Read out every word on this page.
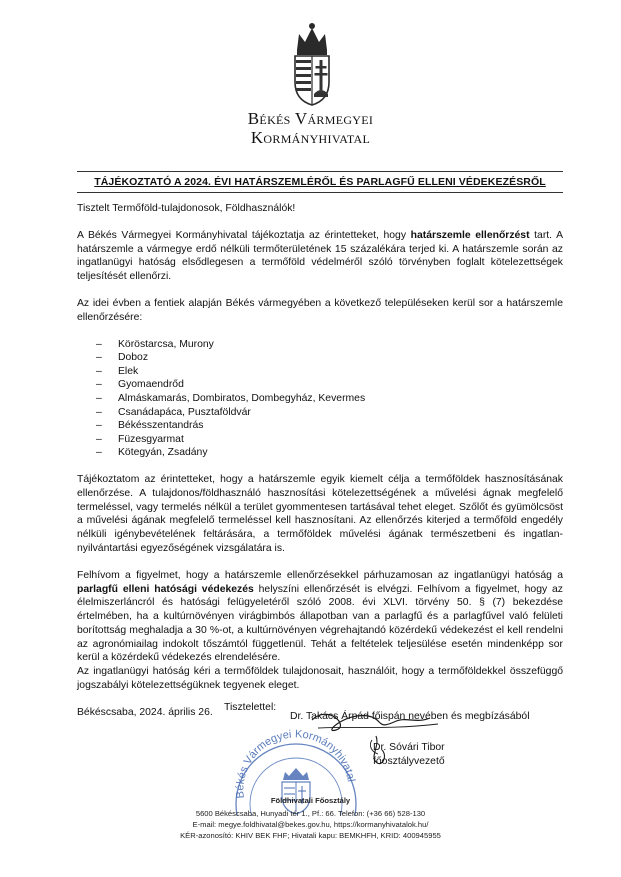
Békés Vármegyei
Kormányhivatal
TÁJÉKOZTATÓ A 2024. ÉVI HATÁRSZEMLÉRŐL ÉS PARLAGFŰ ELLENI VÉDEKEZÉSRŐL

Tisztelt Termőföld-tulajdonosok, Földhasználók!

A Békés Vármegyei Kormányhivatal tájékoztatja az érintetteket, hogy határszemle ellenőrzést tart. A határszemle a vármegye erdő nélküli termőterületének 15 százalékára terjed ki. A határszemle során az ingatlanügyi hatóság elsődlegesen a termőföld védelméről szóló törvényben foglalt kötelezettségek teljesítését ellenőrzi.

Az idei évben a fentiek alapján Békés vármegyében a következő településeken kerül sor a határszemle ellenőrzésére:

– Köröstarcsa, Murony
– Doboz
– Elek
– Gyomaendrőd
– Almáskamarás, Dombiratos, Dombegyház, Kevermes
– Csanádapáca, Pusztaföldvár
– Békésszentandrás
– Füzesgyarmat
– Kötegyán, Zsadány

Tájékoztatom az érintetteket, hogy a határszemle egyik kiemelt célja a termőföldek hasznosításának ellenőrzése. A tulajdonos/földhasználó hasznosítási kötelezettségének a művelési ágnak megfelelő termeléssel, vagy termelés nélkül a terület gyommentesen tartásával tehet eleget. Szőlőt és gyümölcsöst a művelési ágának megfelelő termeléssel kell hasznosítani. Az ellenőrzés kiterjed a termőföld engedély nélküli igénybevételének feltárására, a termőföldek művelési ágának természetbeni és ingatlan-nyilvántartási egyezőségének vizsgálatára is.

Felhívom a figyelmet, hogy a határszemle ellenőrzésekkel párhuzamosan az ingatlanügyi hatóság a parlagfű elleni hatósági védekezés helyszíni ellenőrzését is elvégzi. Felhívom a figyelmet, hogy az élelmiszerláncról és hatósági felügyeletéről szóló 2008. évi XLVI. törvény 50. § (7) bekezdése értelmében, ha a kultúrnövényen virágbimbós állapotban van a parlagfű és a parlagfűvel való felületi borítottság meghaladja a 30 %-ot, a kultúrnövényen végrehajtandó közérdekű védekezést el kell rendelni az agronómiailag indokolt tőszámtól függetlenül. Tehát a feltételek teljesülése esetén mindenképp sor kerül a közérdekű védekezés elrendelésére.

Az ingatlanügyi hatóság kéri a termőföldek tulajdonosait, használóit, hogy a termőföldekkel összefüggő jogszabályi kötelezettségüknek tegyenek eleget.

Békéscsaba, 2024. április 26.	Tisztelettel:
Békés Vármegyei Kormányhivatal
Dr. Takács Árpád főispán nevében és megbízásából
Dr. Sóvári Tibor
főosztályvezető
Földhivatali Főosztály
5600 Békéscsaba, Hunyadi tér 1., Pf.: 66. Telefon: (+36 66) 528-130
E-mail: megye.foldhivatal@bekes.gov.hu, https://kormanyhivatalok.hu/
KÉR-azonosító: KHIV BEK FHF; Hivatali kapu: BEMKHFH, KRID: 400945955
